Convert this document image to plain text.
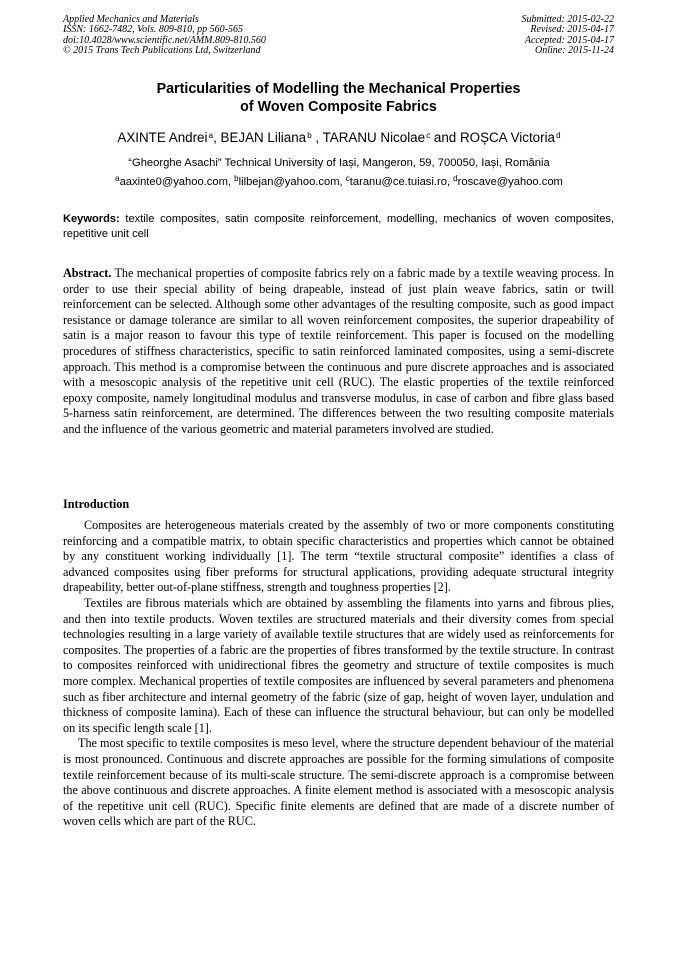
Applied Mechanics and Materials
ISSN: 1662-7482, Vols. 809-810, pp 560-565
doi:10.4028/www.scientific.net/AMM.809-810.560
© 2015 Trans Tech Publications Ltd, Switzerland
Submitted: 2015-02-22
Revised: 2015-04-17
Accepted: 2015-04-17
Online: 2015-11-24
Particularities of Modelling the Mechanical Properties
of Woven Composite Fabrics
AXINTE Andrei $^a$, BEJAN Liliana $^b$ , TARANU Nicolae $^c$ and ROȘCA Victoria $^d$
“Gheorghe Asachi” Technical University of Iași, Mangeron, 59, 700050, Iași, România
$^a$aaxinte0@yahoo.com, $^b$lilbejan@yahoo.com, $^c$taranu@ce.tuiasi.ro, $^d$roscave@yahoo.com
Keywords: textile composites, satin composite reinforcement, modelling, mechanics of woven composites, repetitive unit cell
Abstract. The mechanical properties of composite fabrics rely on a fabric made by a textile weaving process. In order to use their special ability of being drapeable, instead of just plain weave fabrics, satin or twill reinforcement can be selected. Although some other advantages of the resulting composite, such as good impact resistance or damage tolerance are similar to all woven reinforcement composites, the superior drapeability of satin is a major reason to favour this type of textile reinforcement. This paper is focused on the modelling procedures of stiffness characteristics, specific to satin reinforced laminated composites, using a semi-discrete approach. This method is a compromise between the continuous and pure discrete approaches and is associated with a mesoscopic analysis of the repetitive unit cell (RUC). The elastic properties of the textile reinforced epoxy composite, namely longitudinal modulus and transverse modulus, in case of carbon and fibre glass based 5-harness satin reinforcement, are determined. The differences between the two resulting composite materials and the influence of the various geometric and material parameters involved are studied.
Introduction

Composites are heterogeneous materials created by the assembly of two or more components constituting reinforcing and a compatible matrix, to obtain specific characteristics and properties which cannot be obtained by any constituent working individually [1]. The term “textile structural composite” identifies a class of advanced composites using fiber preforms for structural applications, providing adequate structural integrity drapeability, better out-of-plane stiffness, strength and toughness properties [2].

Textiles are fibrous materials which are obtained by assembling the filaments into yarns and fibrous plies, and then into textile products. Woven textiles are structured materials and their diversity comes from special technologies resulting in a large variety of available textile structures that are widely used as reinforcements for composites. The properties of a fabric are the properties of fibres transformed by the textile structure. In contrast to composites reinforced with unidirectional fibres the geometry and structure of textile composites is much more complex. Mechanical properties of textile composites are influenced by several parameters and phenomena such as fiber architecture and internal geometry of the fabric (size of gap, height of woven layer, undulation and thickness of composite lamina). Each of these can influence the structural behaviour, but can only be modelled on its specific length scale [1].

The most specific to textile composites is meso level, where the structure dependent behaviour of the material is most pronounced. Continuous and discrete approaches are possible for the forming simulations of composite textile reinforcement because of its multi-scale structure. The semi-discrete approach is a compromise between the above continuous and discrete approaches. A finite element method is associated with a mesoscopic analysis of the repetitive unit cell (RUC). Specific finite elements are defined that are made of a discrete number of woven cells which are part of the RUC.
